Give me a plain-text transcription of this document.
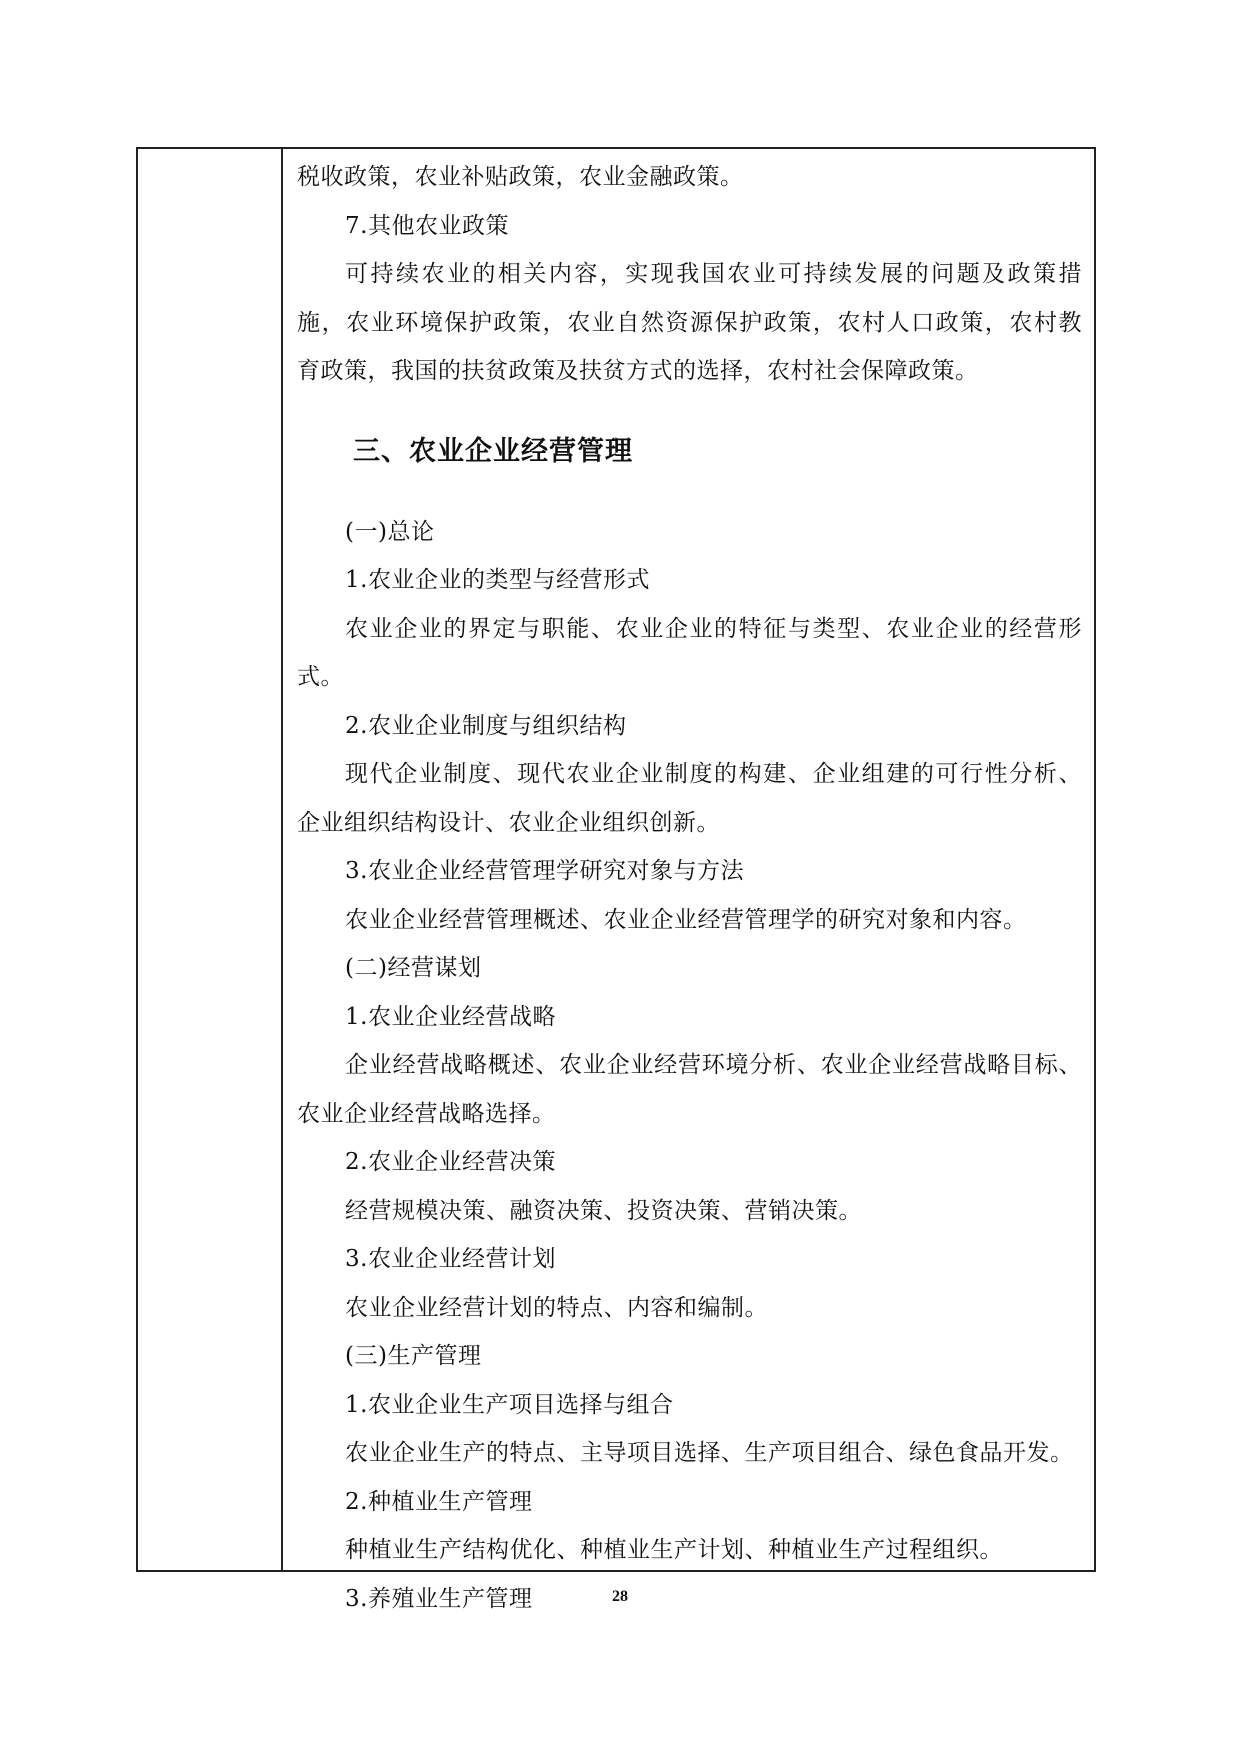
税收政策，农业补贴政策，农业金融政策。

7.其他农业政策

可持续农业的相关内容，实现我国农业可持续发展的问题及政策措

施，农业环境保护政策，农业自然资源保护政策，农村人口政策，农村教

育政策，我国的扶贫政策及扶贫方式的选择，农村社会保障政策。

三、农业企业经营管理

(一)总论

1.农业企业的类型与经营形式

农业企业的界定与职能、农业企业的特征与类型、农业企业的经营形

式。

2.农业企业制度与组织结构

现代企业制度、现代农业企业制度的构建、企业组建的可行性分析、

企业组织结构设计、农业企业组织创新。

3.农业企业经营管理学研究对象与方法

农业企业经营管理概述、农业企业经营管理学的研究对象和内容。

(二)经营谋划

1.农业企业经营战略

企业经营战略概述、农业企业经营环境分析、农业企业经营战略目标、

农业企业经营战略选择。

2.农业企业经营决策

经营规模决策、融资决策、投资决策、营销决策。

3.农业企业经营计划

农业企业经营计划的特点、内容和编制。

(三)生产管理

1.农业企业生产项目选择与组合

农业企业生产的特点、主导项目选择、生产项目组合、绿色食品开发。

2.种植业生产管理

种植业生产结构优化、种植业生产计划、种植业生产过程组织。

3.养殖业生产管理	28
